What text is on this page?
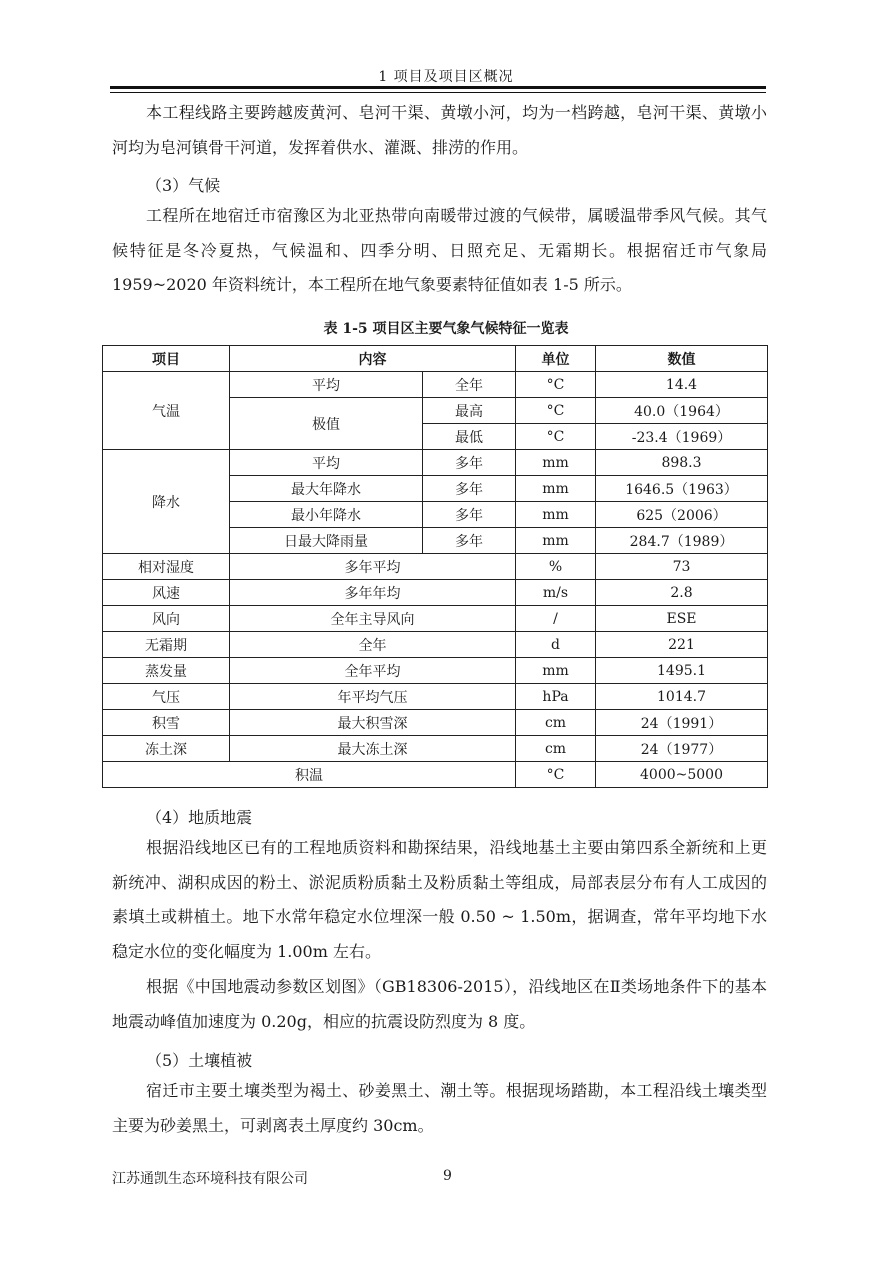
1 项目及项目区概况

本工程线路主要跨越废黄河、皂河干渠、黄墩小河，均为一档跨越，皂河干渠、黄墩小河均为皂河镇骨干河道，发挥着供水、灌溉、排涝的作用。

（3）气候

工程所在地宿迁市宿豫区为北亚热带向南暖带过渡的气候带，属暖温带季风气候。其气候特征是冬冷夏热，气候温和、四季分明、日照充足、无霜期长。根据宿迁市气象局 1959~2020 年资料统计，本工程所在地气象要素特征值如表 1-5 所示。

表 1-5 项目区主要气象气候特征一览表
项目	内容		单位	数值
气温	平均	全年	°C	14.4
	极值	最高	°C	40.0（1964）
		最低	°C	-23.4（1969）
降水	平均	多年	mm	898.3
	最大年降水	多年	mm	1646.5（1963）
	最小年降水	多年	mm	625（2006）
	日最大降雨量	多年	mm	284.7（1989）
相对湿度	多年平均		%	73
风速	多年年均		m/s	2.8
风向	全年主导风向		/	ESE
无霜期	全年		d	221
蒸发量	全年平均		mm	1495.1
气压	年平均气压		hPa	1014.7
积雪	最大积雪深		cm	24（1991）
冻土深	最大冻土深		cm	24（1977）
积温			°C	4000~5000

（4）地质地震

根据沿线地区已有的工程地质资料和勘探结果，沿线地基土主要由第四系全新统和上更新统冲、湖积成因的粉土、淤泥质粉质黏土及粉质黏土等组成，局部表层分布有人工成因的素填土或耕植土。地下水常年稳定水位埋深一般 0.50 ~ 1.50m，据调查，常年平均地下水稳定水位的变化幅度为 1.00m 左右。

根据《中国地震动参数区划图》（GB18306-2015），沿线地区在Ⅱ类场地条件下的基本地震动峰值加速度为 0.20g，相应的抗震设防烈度为 8 度。

（5）土壤植被

宿迁市主要土壤类型为褐土、砂姜黑土、潮土等。根据现场踏勘，本工程沿线土壤类型主要为砂姜黑土，可剥离表土厚度约 30cm。

江苏通凯生态环境科技有限公司	9
